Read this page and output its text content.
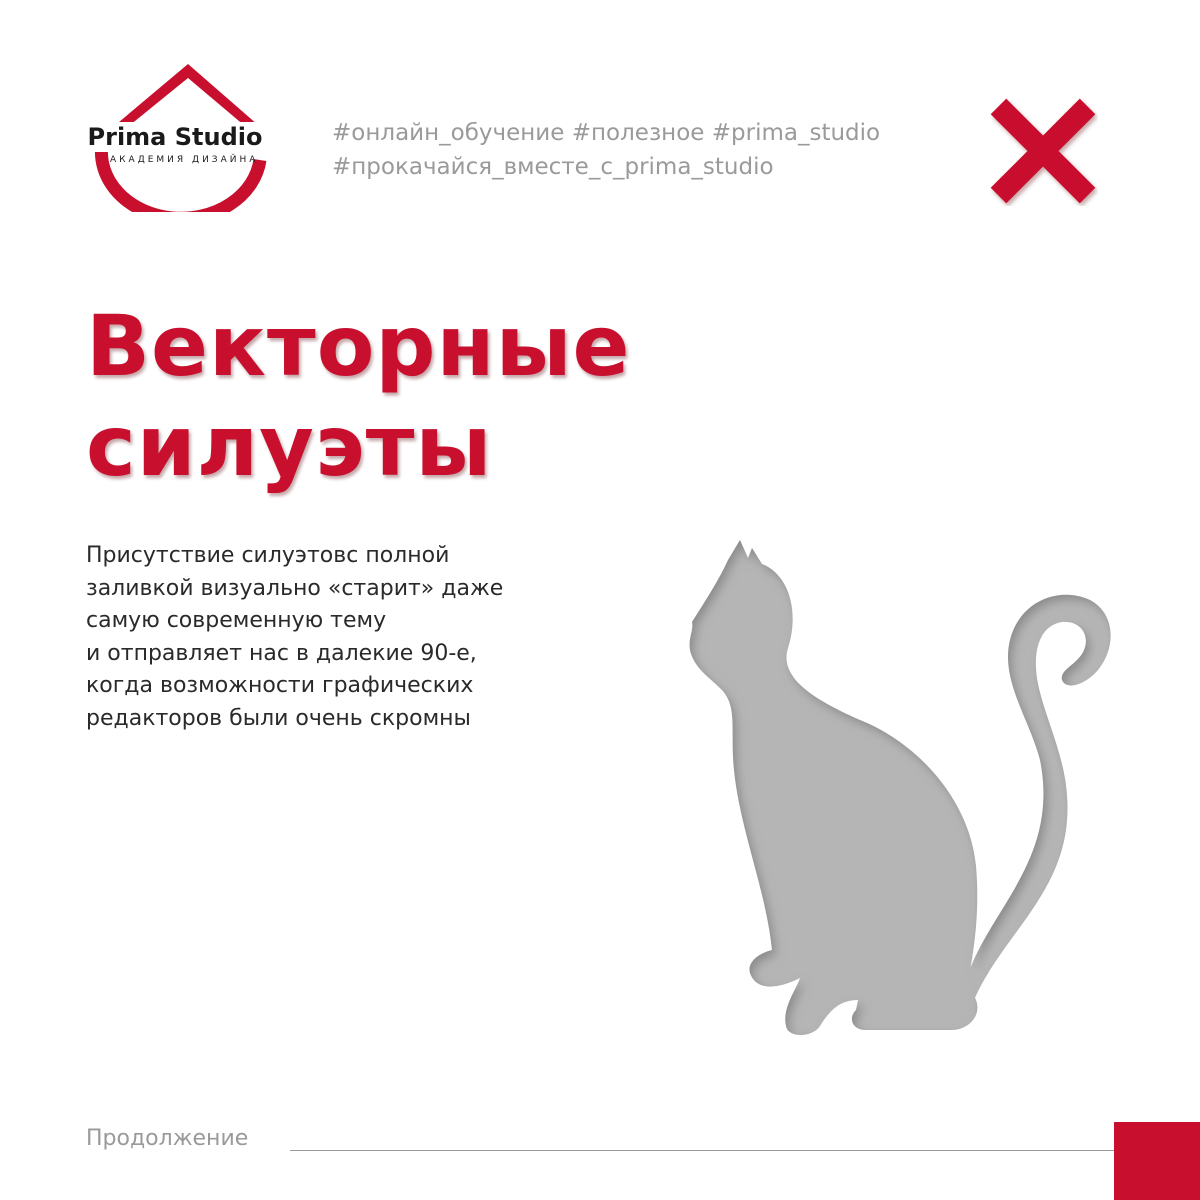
Prima Studio
АКАДЕМИЯ ДИЗАЙНА
#онлайн_обучение #полезное #prima_studio
#прокачайся_вместе_с_prima_studio
Векторные
силуэты
Присутствие силуэтовс полной
заливкой визуально «старит» даже
самую современную тему
и отправляет нас в далекие 90-е,
когда возможности графических
редакторов были очень скромны
Продолжение
